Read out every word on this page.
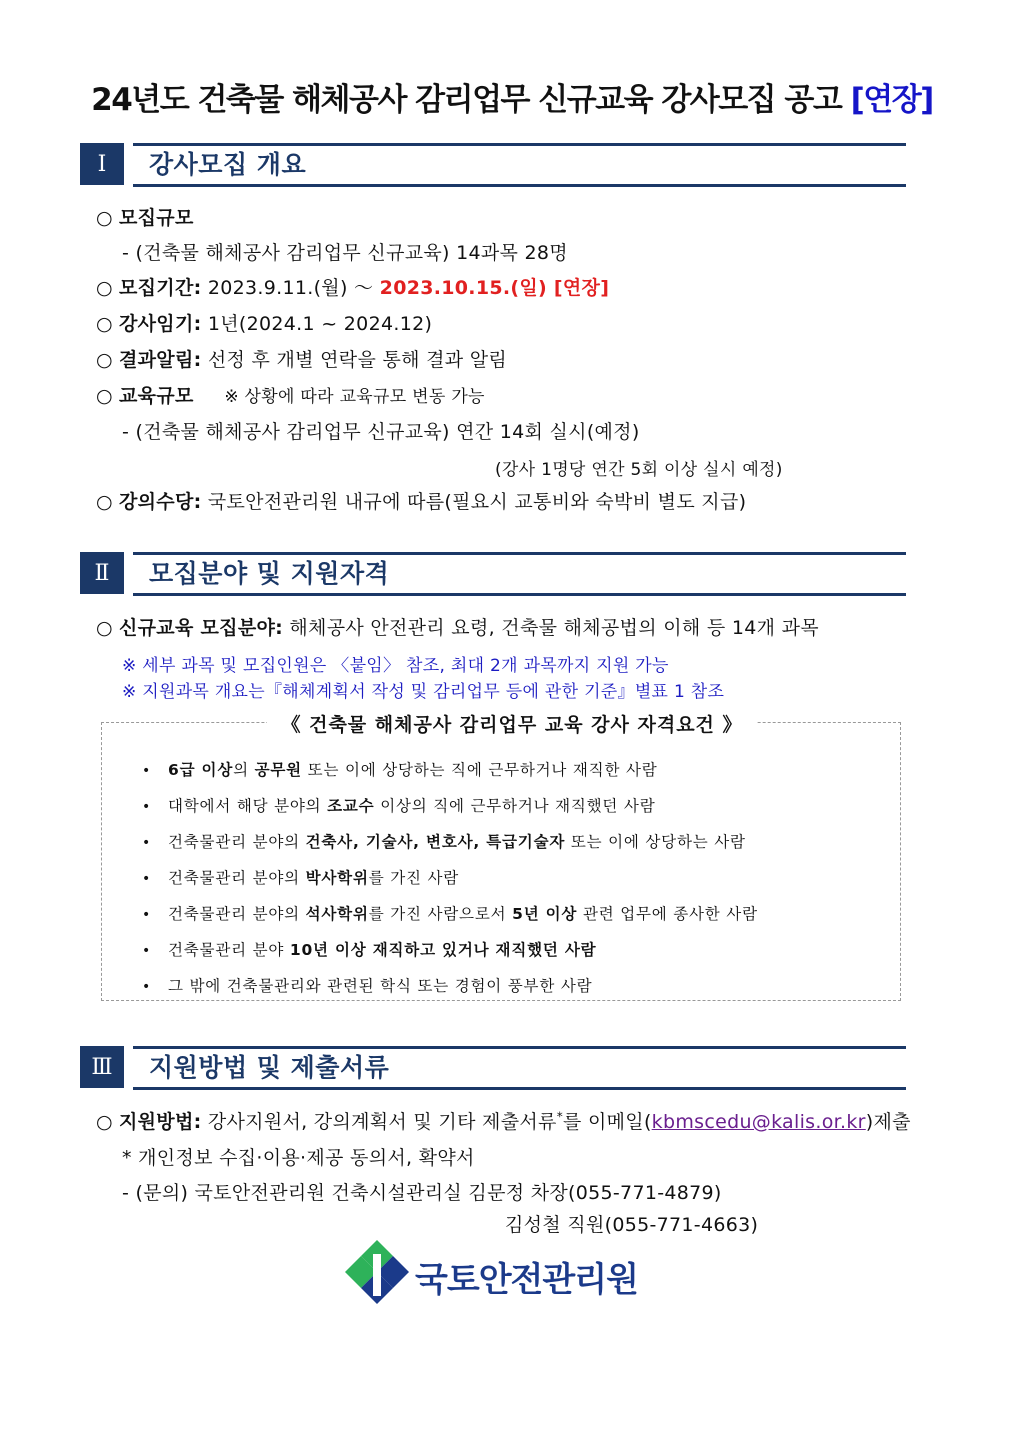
24년도 건축물 해체공사 감리업무 신규교육 강사모집 공고 [연장]
Ⅰ	강사모집 개요
○ 모집규모
- (건축물 해체공사 감리업무 신규교육) 14과목 28명
○ 모집기간: 2023.9.11.(월) ～ 2023.10.15.(일) [연장]
○ 강사임기: 1년(2024.1 ~ 2024.12)
○ 결과알림: 선정 후 개별 연락을 통해 결과 알림
○ 교육규모 ※ 상황에 따라 교육규모 변동 가능
- (건축물 해체공사 감리업무 신규교육) 연간 14회 실시(예정)
(강사 1명당 연간 5회 이상 실시 예정)
○ 강의수당: 국토안전관리원 내규에 따름(필요시 교통비와 숙박비 별도 지급)
Ⅱ	모집분야 및 지원자격
○ 신규교육 모집분야: 해체공사 안전관리 요령, 건축물 해체공법의 이해 등 14개 과목
※ 세부 과목 및 모집인원은 〈붙임〉 참조, 최대 2개 과목까지 지원 가능
※ 지원과목 개요는『해체계획서 작성 및 감리업무 등에 관한 기준』별표 1 참조
《 건축물 해체공사 감리업무 교육 강사 자격요건 》
• 6급 이상의 공무원 또는 이에 상당하는 직에 근무하거나 재직한 사람
• 대학에서 해당 분야의 조교수 이상의 직에 근무하거나 재직했던 사람
• 건축물관리 분야의 건축사, 기술사, 변호사, 특급기술자 또는 이에 상당하는 사람
• 건축물관리 분야의 박사학위를 가진 사람
• 건축물관리 분야의 석사학위를 가진 사람으로서 5년 이상 관련 업무에 종사한 사람
• 건축물관리 분야 10년 이상 재직하고 있거나 재직했던 사람
• 그 밖에 건축물관리와 관련된 학식 또는 경험이 풍부한 사람
Ⅲ	지원방법 및 제출서류
○ 지원방법: 강사지원서, 강의계획서 및 기타 제출서류*를 이메일(kbmscedu@kalis.or.kr)제출
* 개인정보 수집·이용·제공 동의서, 확약서
- (문의) 국토안전관리원 건축시설관리실 김문정 차장(055-771-4879)
김성철 직원(055-771-4663)
국토안전관리원
